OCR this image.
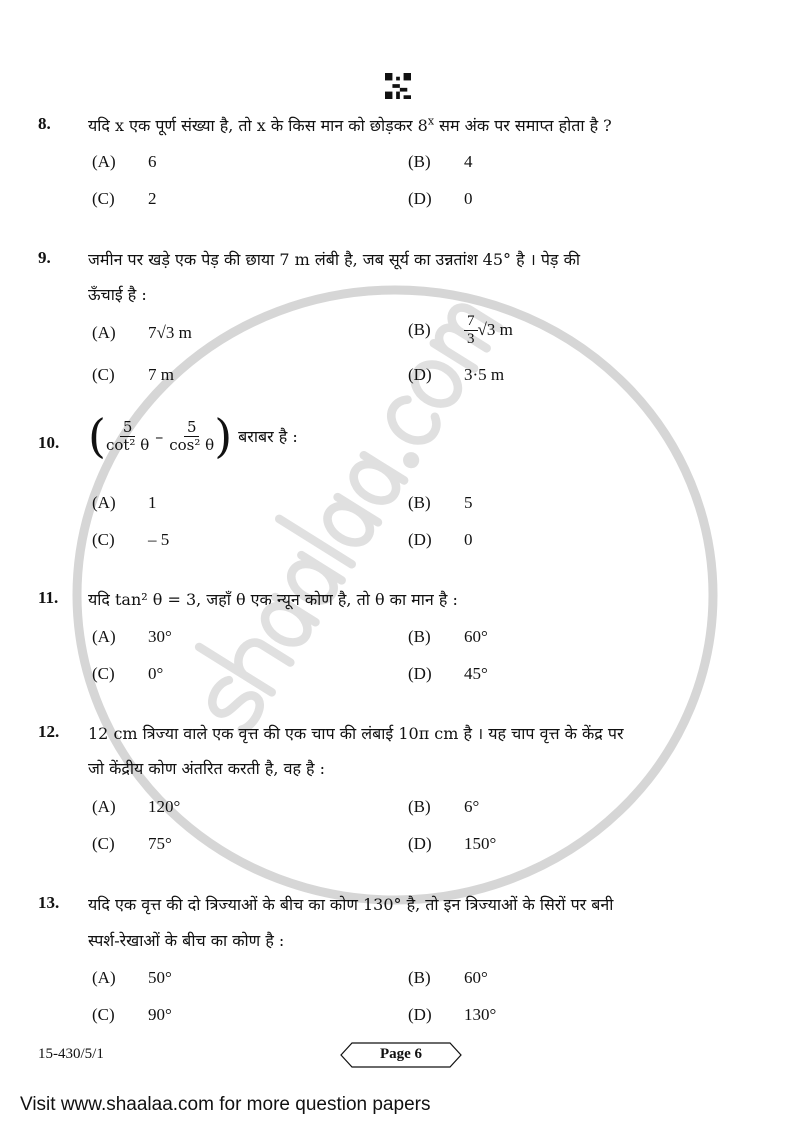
8. यदि x एक पूर्ण संख्या है, तो x के किस मान को छोड़कर 8$^x$ सम अंक पर समाप्त होता है ?
(A) 6	(B) 4
(C) 2	(D) 0
9. जमीन पर खड़े एक पेड़ की छाया 7 m लंबी है, जब सूर्य का उन्नतांश 45° है । पेड़ की
ऊँचाई है :
(A) 7√3 m	$(B) \frac{7}{3} √3$ m
(C) 7 m	(D) 3·5 m
10. ( $\frac{5}{\text{cot² θ}} - \frac{5}{\text{cos² θ}}$ ) बराबर है :
(A) 1	(B) 5
(C) – 5	(D) 0
11. यदि tan² θ = 3, जहाँ θ एक न्यून कोण है, तो θ का मान है :
(A) 30°	(B) 60°
(C) 0°	(D) 45°
12. 12 cm त्रिज्या वाले एक वृत्त की एक चाप की लंबाई 10π cm है । यह चाप वृत्त के केंद्र पर
जो केंद्रीय कोण अंतरित करती है, वह है :
(A) 120°	(B) 6°
(C) 75°	(D) 150°
13. यदि एक वृत्त की दो त्रिज्याओं के बीच का कोण 130° है, तो इन त्रिज्याओं के सिरों पर बनी
स्पर्श-रेखाओं के बीच का कोण है :
(A) 50°	(B) 60°
(C) 90°	(D) 130°
15-430/5/1	Page 6
Visit www.shaalaa.com for more question papers
